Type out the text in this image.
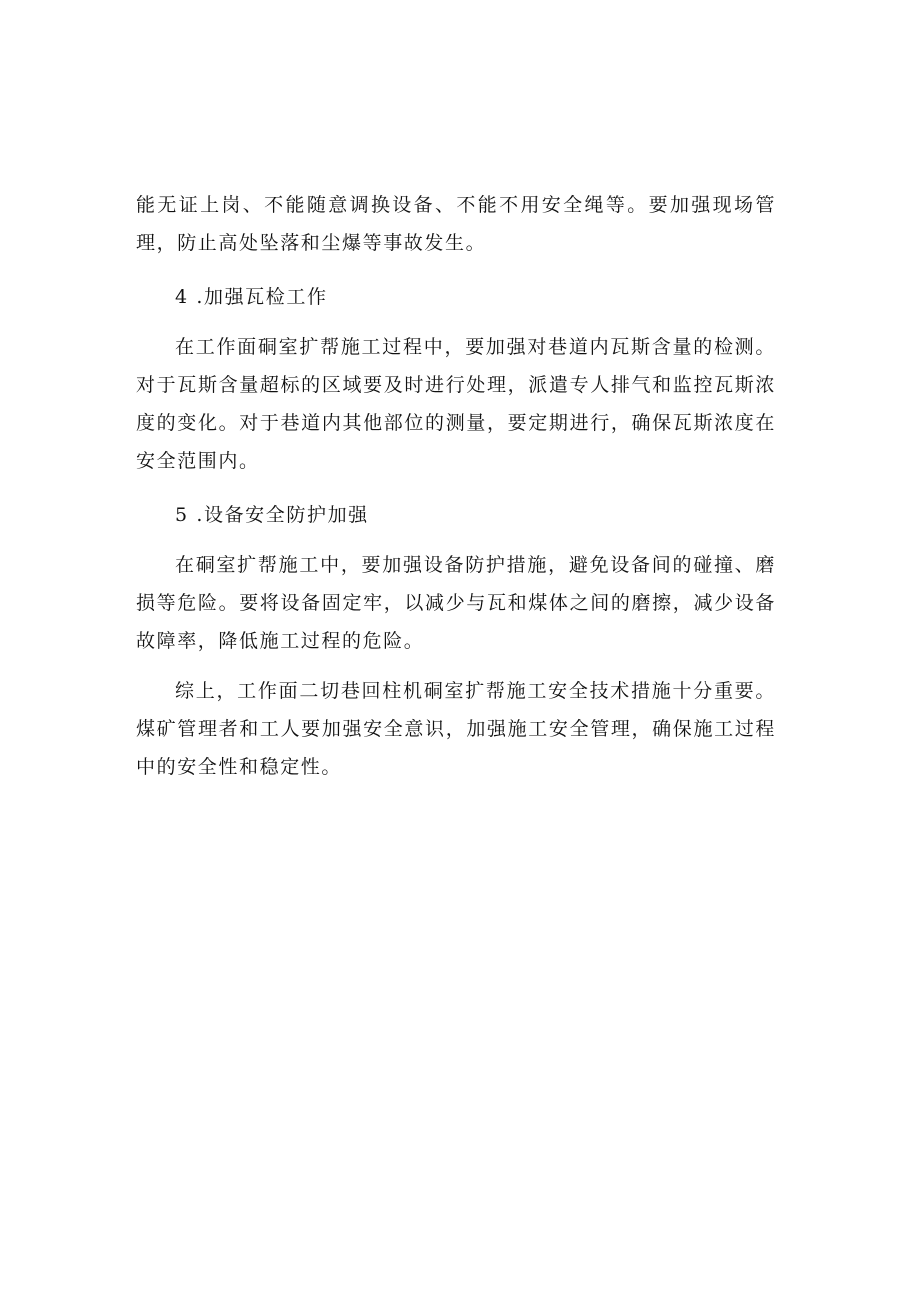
能无证上岗、不能随意调换设备、不能不用安全绳等。要加强现场管理，防止高处坠落和尘爆等事故发生。

4 .加强瓦检工作

在工作面硐室扩帮施工过程中，要加强对巷道内瓦斯含量的检测。对于瓦斯含量超标的区域要及时进行处理，派遣专人排气和监控瓦斯浓度的变化。对于巷道内其他部位的测量，要定期进行，确保瓦斯浓度在安全范围内。

5 .设备安全防护加强

在硐室扩帮施工中，要加强设备防护措施，避免设备间的碰撞、磨损等危险。要将设备固定牢，以减少与瓦和煤体之间的磨擦，减少设备故障率，降低施工过程的危险。

综上，工作面二切巷回柱机硐室扩帮施工安全技术措施十分重要。煤矿管理者和工人要加强安全意识，加强施工安全管理，确保施工过程中的安全性和稳定性。
